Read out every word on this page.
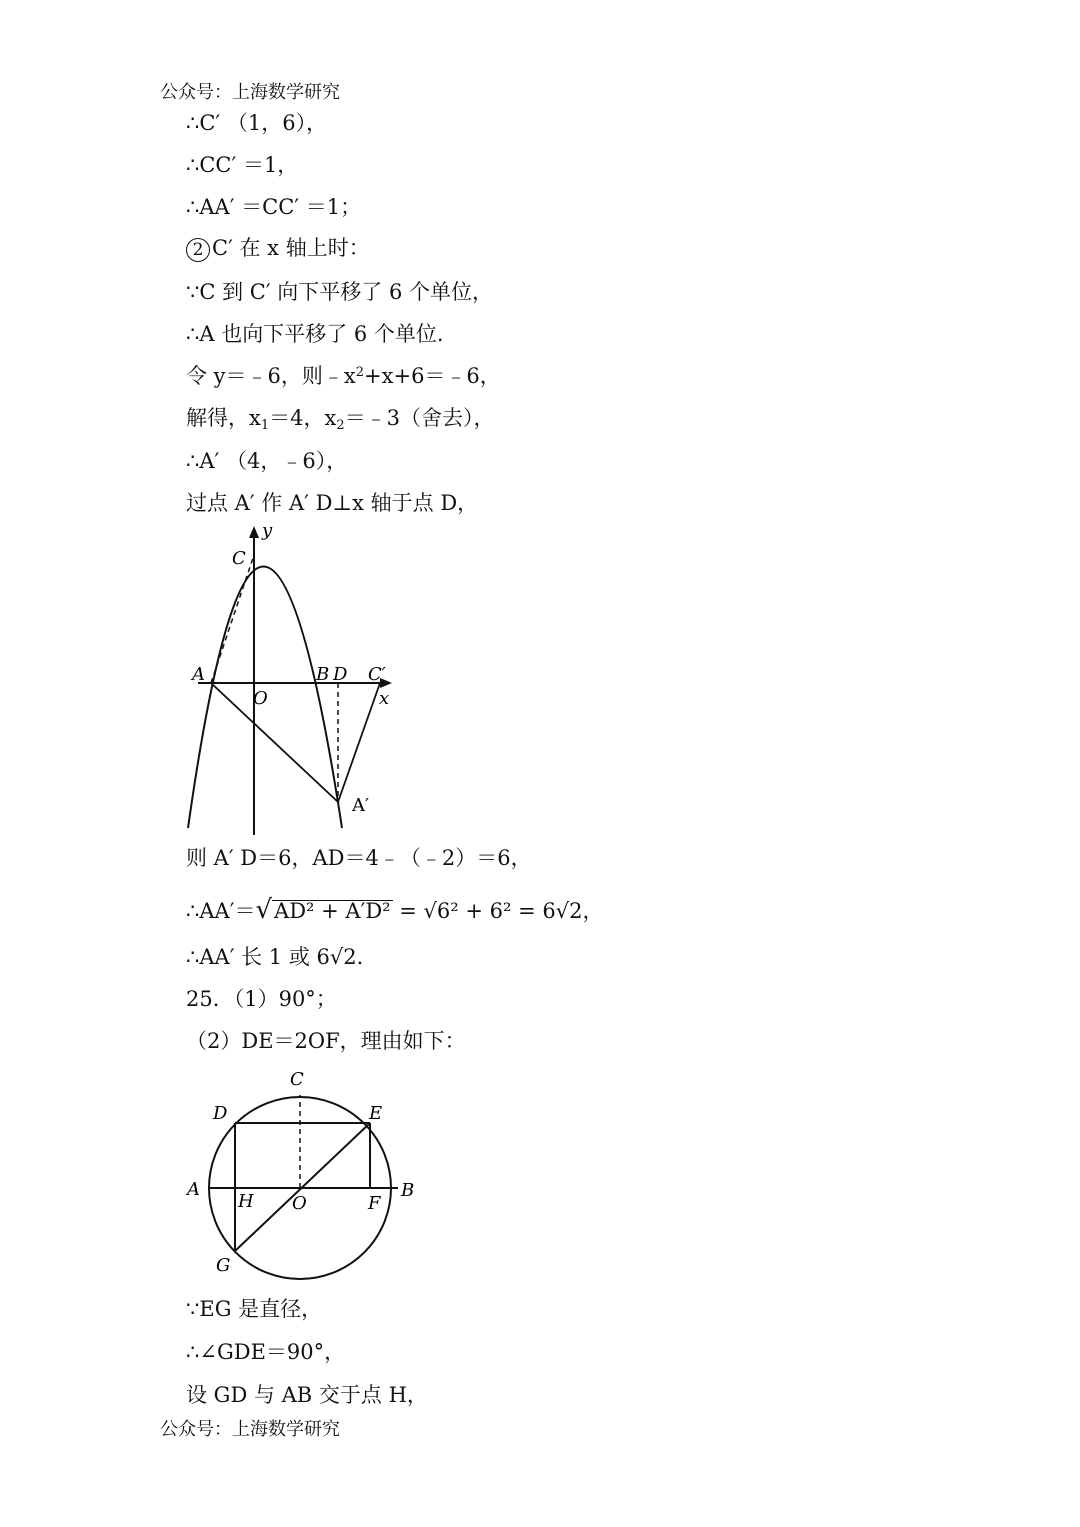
公众号：上海数学研究
∴C′ （1，6），
∴CC′ ＝1，
∴AA′ ＝CC′ ＝1；
2 C′ 在 x 轴上时：
∵C 到 C′ 向下平移了 6 个单位，
∴A 也向下平移了 6 个单位.
令 y＝﹣6，则$﹣x^2+x+6=﹣6$，
解得，$x_1=4$，$x_2=﹣3$（舍去），
∴A′ （4，﹣6），
过点 A′ 作 A′ D⊥x 轴于点 D，
y
C
A
O
B D C′
x
A′
则 A′ D＝6，AD＝4﹣（﹣2）＝6，
∴AA′＝√AD² + A′D² = √6² + 6² = 6√2，
∴AA′ 长 1 或 6√2.
25．（1）90°；
（2）DE＝2OF，理由如下：
C
D	E
A
H O	F
B
G
∵EG 是直径，
∴∠GDE＝90°，
设 GD 与 AB 交于点 H，
公众号：上海数学研究
